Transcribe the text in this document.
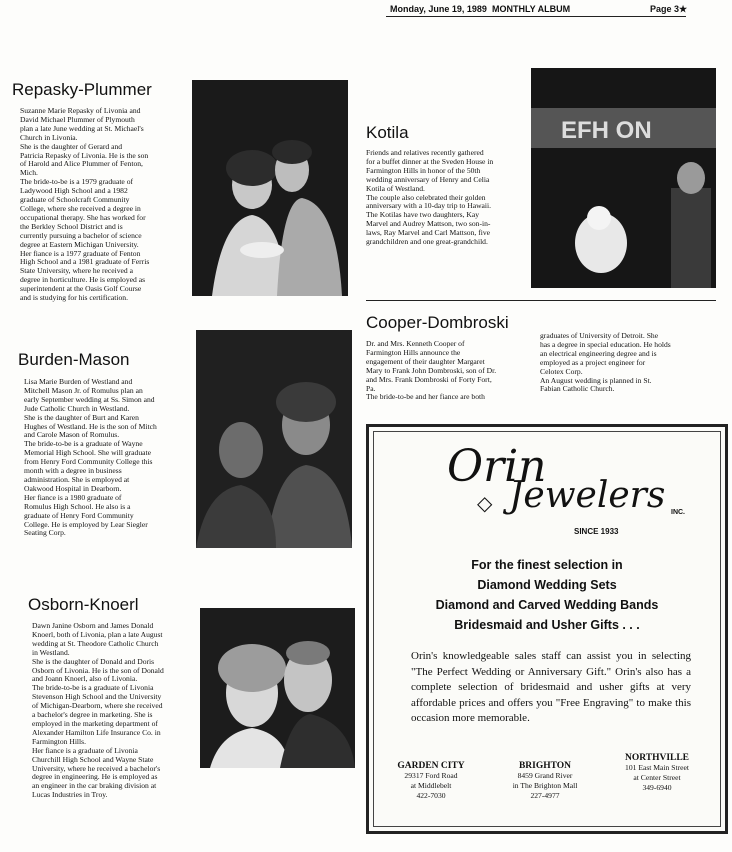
Monday, June 19, 1989 MONTHLY ALBUM	Page 3★
Repasky-Plummer
Suzanne Marie Repasky of Livonia and
David Michael Plummer of Plymouth
plan a late June wedding at St. Michael's
Church in Livonia.
She is the daughter of Gerard and
Patricia Repasky of Livonia. He is the son
of Harold and Alice Plummer of Fenton,
Mich.
The bride-to-be is a 1979 graduate of
Ladywood High School and a 1982
graduate of Schoolcraft Community
College, where she received a degree in
occupational therapy. She has worked for
the Berkley School District and is
currently pursuing a bachelor of science
degree at Eastern Michigan University.
Her fiance is a 1977 graduate of Fenton
High School and a 1981 graduate of Ferris
State University, where he received a
degree in horticulture. He is employed as
superintendent at the Oasis Golf Course
and is studying for his certification.
Kotila
Friends and relatives recently gathered
for a buffet dinner at the Sveden House in
Farmington Hills in honor of the 50th
wedding anniversary of Henry and Celia
Kotila of Westland.
The couple also celebrated their golden
anniversary with a 10-day trip to Hawaii.
The Kotilas have two daughters, Kay
Marvel and Audrey Mattson, two son-in-
laws, Ray Marvel and Carl Mattson, five
grandchildren and one great-grandchild.
EFH ON
Cooper-Dombroski
Dr. and Mrs. Kenneth Cooper of
Farmington Hills announce the
engagement of their daughter Margaret
Mary to Frank John Dombroski, son of Dr.
and Mrs. Frank Dombroski of Forty Fort,
Pa.
The bride-to-be and her fiance are both
graduates of University of Detroit. She
has a degree in special education. He holds
an electrical engineering degree and is
employed as a project engineer for
Celotex Corp.
An August wedding is planned in St.
Fabian Catholic Church.
Burden-Mason
Lisa Marie Burden of Westland and
Mitchell Mason Jr. of Romulus plan an
early September wedding at Ss. Simon and
Jude Catholic Church in Westland.
She is the daughter of Burt and Karen
Hughes of Westland. He is the son of Mitch
and Carole Mason of Romulus.
The bride-to-be is a graduate of Wayne
Memorial High School. She will graduate
from Henry Ford Community College this
month with a degree in business
administration. She is employed at
Oakwood Hospital in Dearborn.
Her fiance is a 1980 graduate of
Romulus High School. He also is a
graduate of Henry Ford Community
College. He is employed by Lear Siegler
Seating Corp.
Osborn-Knoerl
Dawn Janine Osborn and James Donald
Knoerl, both of Livonia, plan a late August
wedding at St. Theodore Catholic Church
in Westland.
She is the daughter of Donald and Doris
Osborn of Livonia. He is the son of Donald
and Joann Knoerl, also of Livonia.
The bride-to-be is a graduate of Livonia
Stevenson High School and the University
of Michigan-Dearborn, where she received
a bachelor's degree in marketing. She is
employed in the marketing department of
Alexander Hamilton Life Insurance Co. in
Farmington Hills.
Her fiance is a graduate of Livonia
Churchill High School and Wayne State
University, where he received a bachelor's
degree in engineering. He is employed as
an engineer in the car braking division at
Lucas Industries in Troy.
Orin
◇ Jewelers INC.
SINCE 1933
For the finest selection in
Diamond Wedding Sets
Diamond and Carved Wedding Bands
Bridesmaid and Usher Gifts . . .
Orin's knowledgeable sales staff can assist you in selecting "The Perfect Wedding or Anniversary Gift." Orin's also has a complete selection of bridesmaid and usher gifts at very affordable prices and offers you "Free Engraving" to make this occasion more memorable.
GARDEN CITY
29317 Ford Road
at Middlebelt
422-7030
BRIGHTON
8459 Grand River
in The Brighton Mall
227-4977
NORTHVILLE
101 East Main Street
at Center Street
349-6940
